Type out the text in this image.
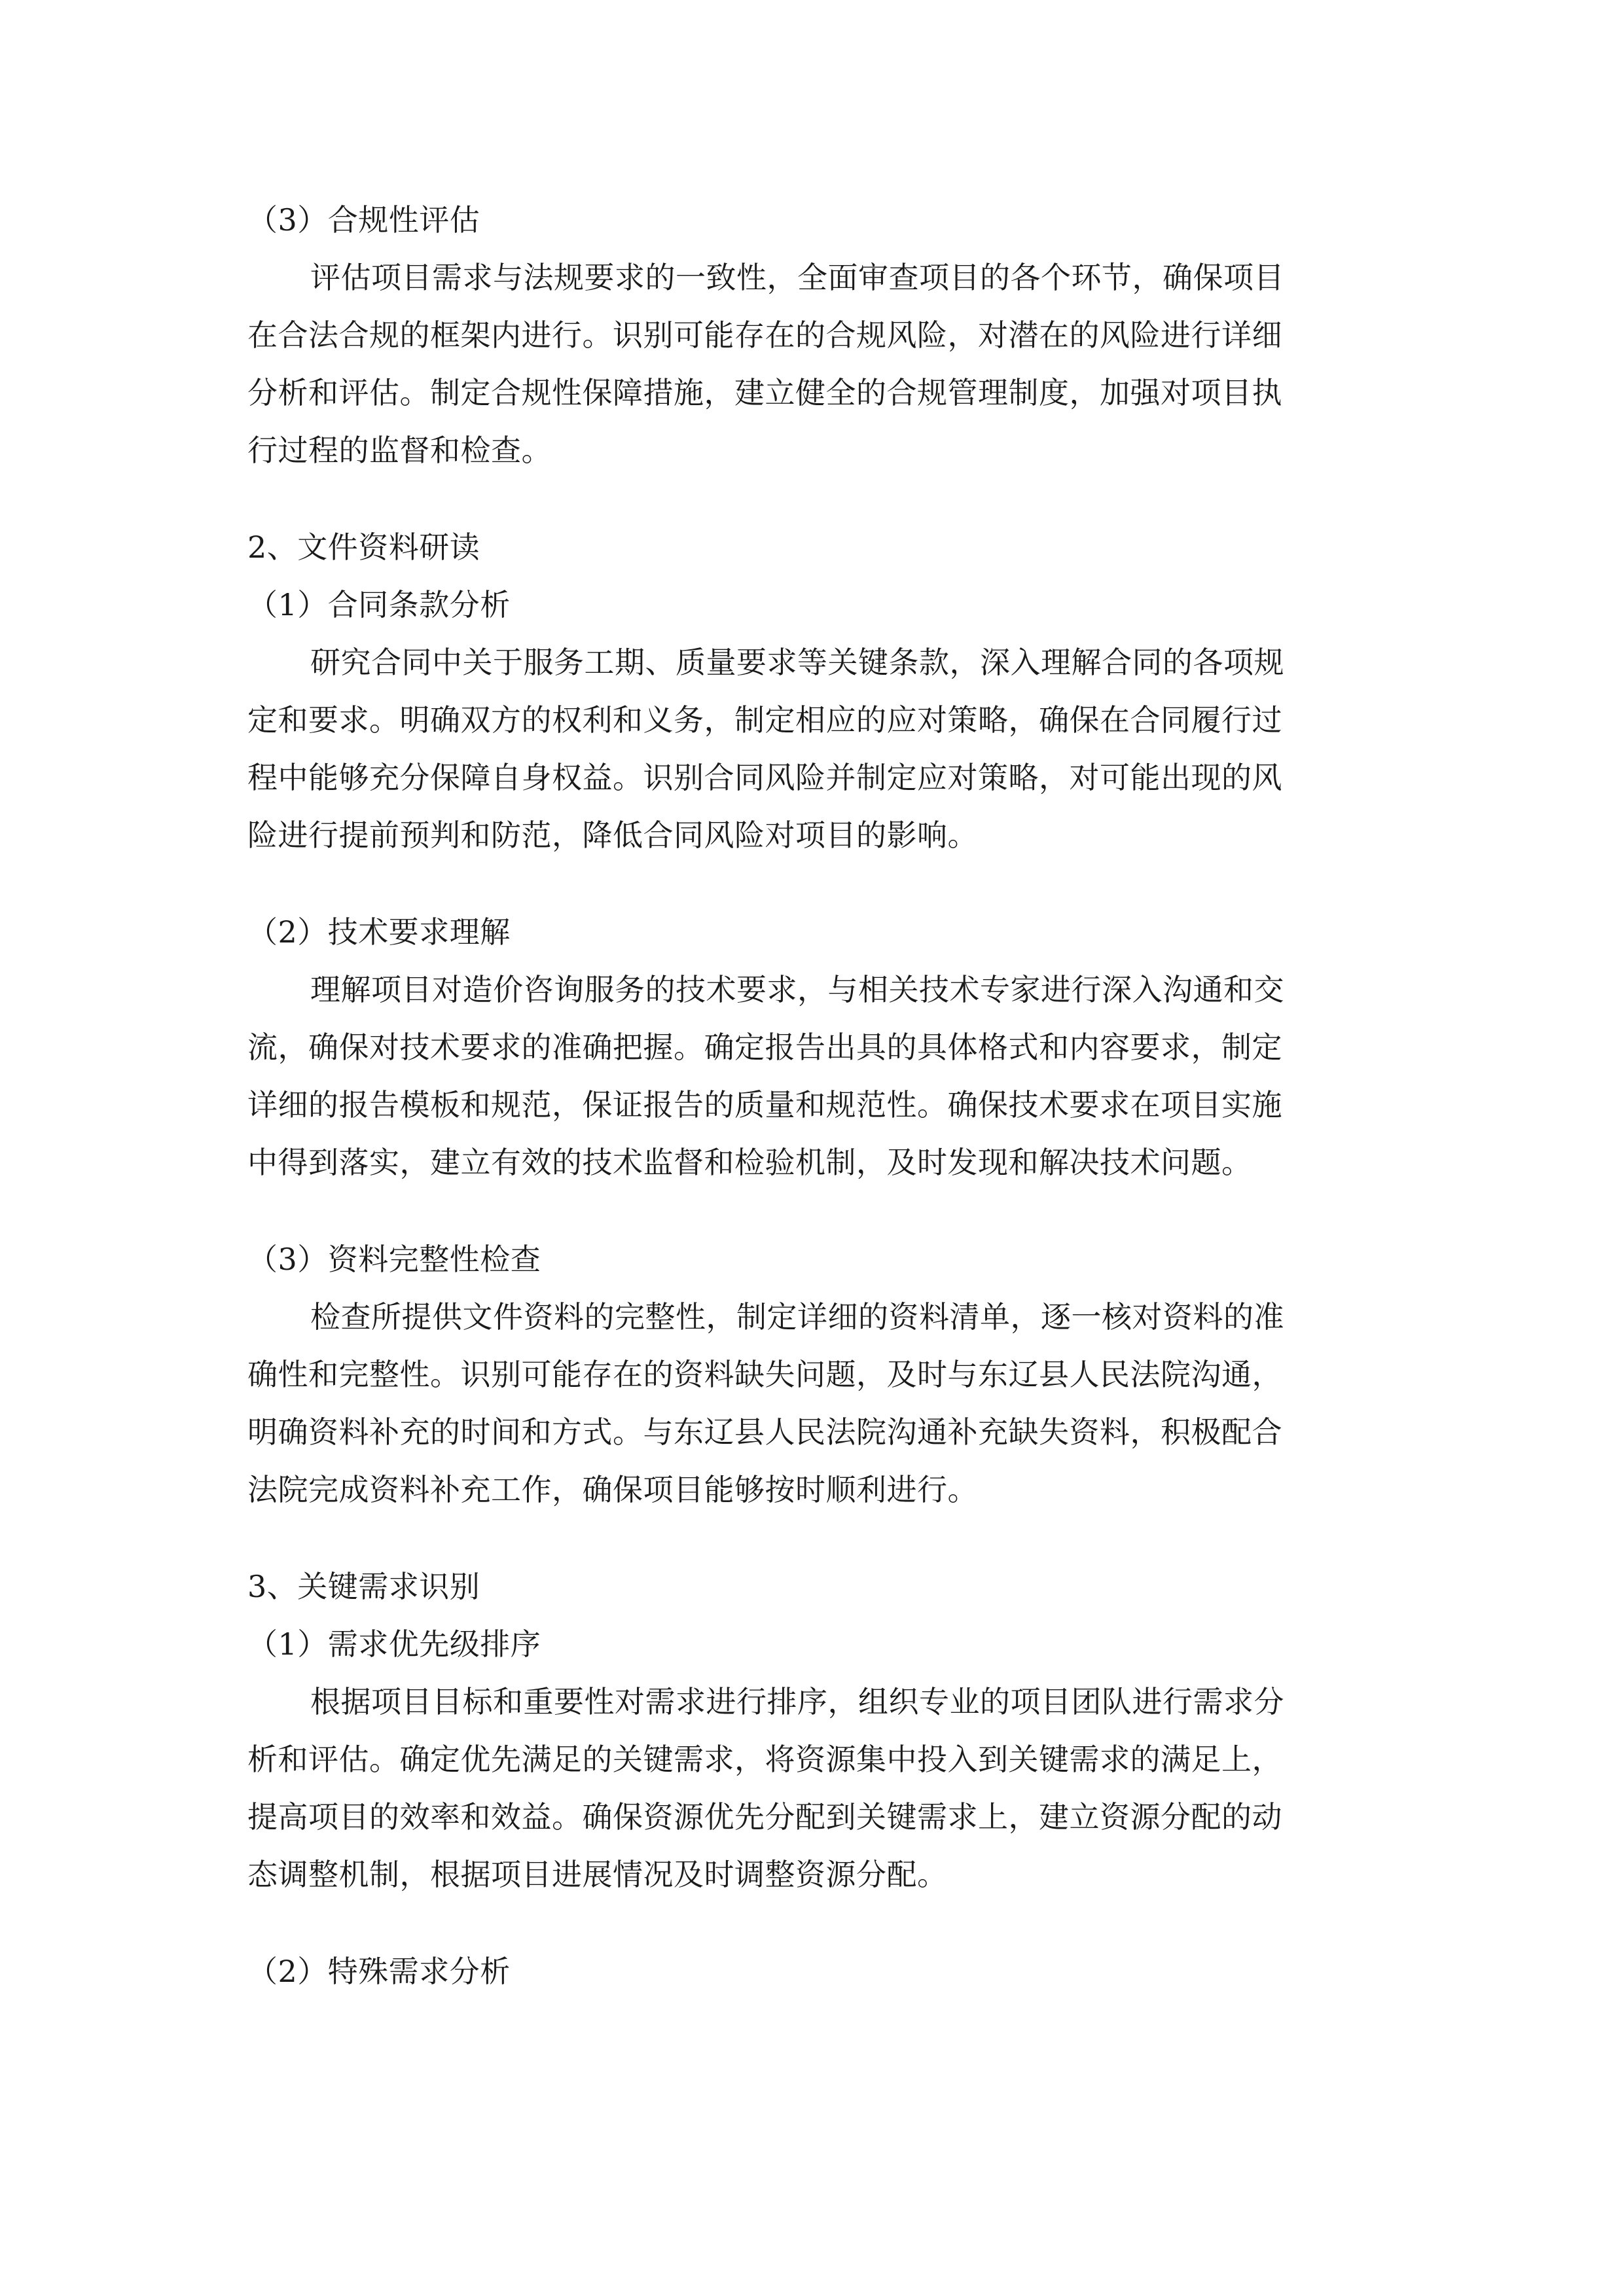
（3）合规性评估
评估项目需求与法规要求的一致性，全面审查项目的各个环节，确保项目
在合法合规的框架内进行。识别可能存在的合规风险，对潜在的风险进行详细
分析和评估。制定合规性保障措施，建立健全的合规管理制度，加强对项目执
行过程的监督和检查。
2、文件资料研读
（1）合同条款分析
研究合同中关于服务工期、质量要求等关键条款，深入理解合同的各项规
定和要求。明确双方的权利和义务，制定相应的应对策略，确保在合同履行过
程中能够充分保障自身权益。识别合同风险并制定应对策略，对可能出现的风
险进行提前预判和防范，降低合同风险对项目的影响。
（2）技术要求理解
理解项目对造价咨询服务的技术要求，与相关技术专家进行深入沟通和交
流，确保对技术要求的准确把握。确定报告出具的具体格式和内容要求，制定
详细的报告模板和规范，保证报告的质量和规范性。确保技术要求在项目实施
中得到落实，建立有效的技术监督和检验机制，及时发现和解决技术问题。
（3）资料完整性检查
检查所提供文件资料的完整性，制定详细的资料清单，逐一核对资料的准
确性和完整性。识别可能存在的资料缺失问题，及时与东辽县人民法院沟通，
明确资料补充的时间和方式。与东辽县人民法院沟通补充缺失资料，积极配合
法院完成资料补充工作，确保项目能够按时顺利进行。
3、关键需求识别
（1）需求优先级排序
根据项目目标和重要性对需求进行排序，组织专业的项目团队进行需求分
析和评估。确定优先满足的关键需求，将资源集中投入到关键需求的满足上，
提高项目的效率和效益。确保资源优先分配到关键需求上，建立资源分配的动
态调整机制，根据项目进展情况及时调整资源分配。
（2）特殊需求分析
